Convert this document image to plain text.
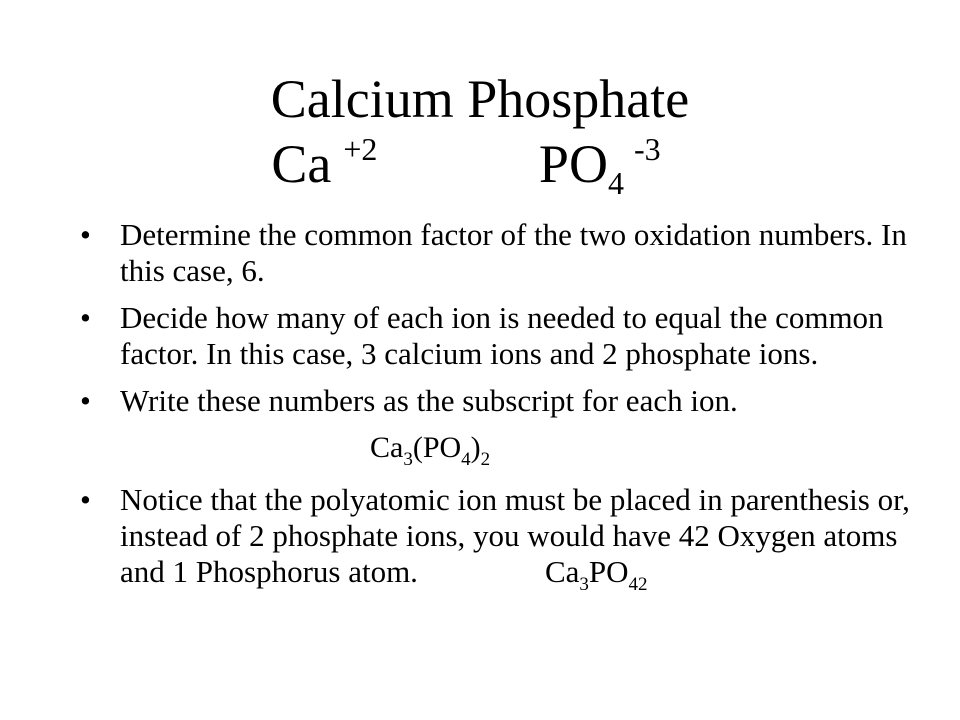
Calcium Phosphate
Ca $^{+2}$	$PO_4^{-3}$
• Determine the common factor of the two oxidation numbers. In this case, 6.
• Decide how many of each ion is needed to equal the common factor. In this case, 3 calcium ions and 2 phosphate ions.
• Write these numbers as the subscript for each ion.
$Ca_3(PO_4)_2$
• Notice that the polyatomic ion must be placed in parenthesis or, instead of 2 phosphate ions, you would have 42 Oxygen atoms and 1 Phosphorus atom.	$Ca_3PO_{42}$
